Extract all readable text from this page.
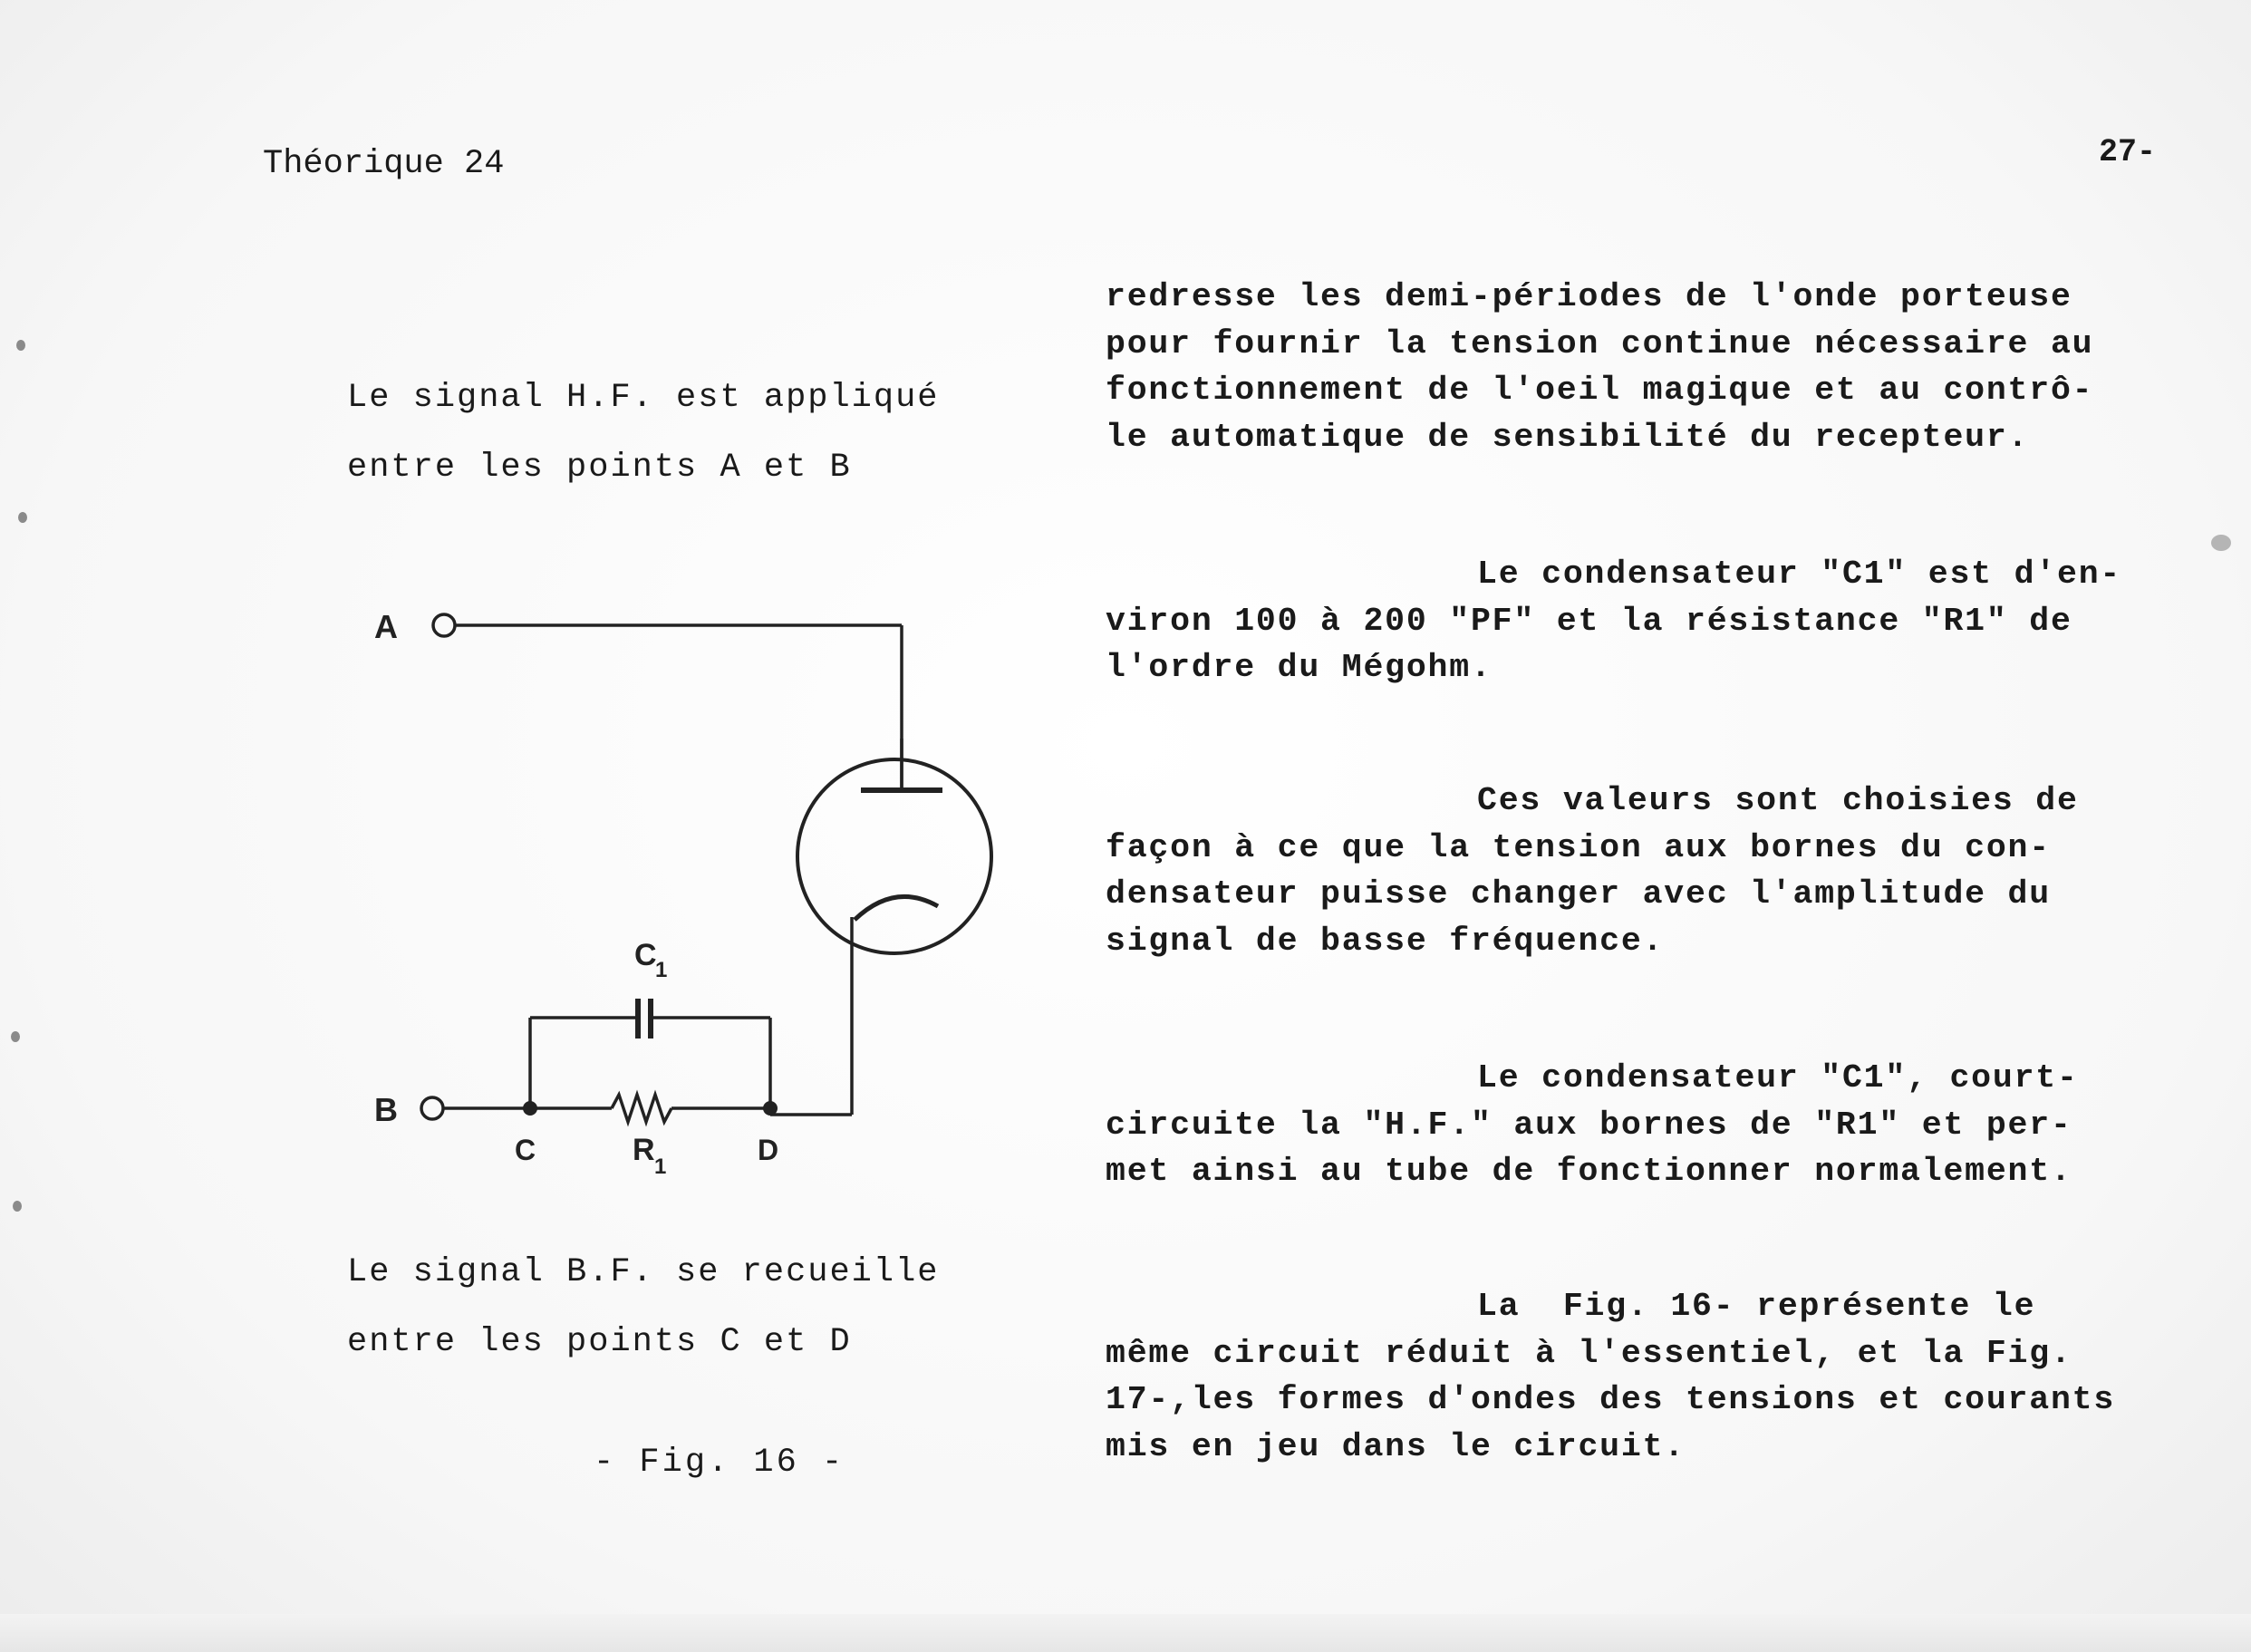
Théorique 24	27-
Le signal H.F. est appliqué
entre les points A et B
A
B
C	D
C
1
R 1
Le signal B.F. se recueille
entre les points C et D
- Fig. 16 -
redresse les demi-périodes de l'onde porteuse
pour fournir la tension continue nécessaire au
fonctionnement de l'oeil magique et au contrô-
le automatique de sensibilité du recepteur.
Le condensateur "C1" est d'en-
viron 100 à 200 "PF" et la résistance "R1" de
l'ordre du Mégohm.
Ces valeurs sont choisies de
façon à ce que la tension aux bornes du con-
densateur puisse changer avec l'amplitude du
signal de basse fréquence.
Le condensateur "C1", court-
circuite la "H.F." aux bornes de "R1" et per-
met ainsi au tube de fonctionner normalement.
La  Fig. 16- représente le
même circuit réduit à l'essentiel, et la Fig.
17-,les formes d'ondes des tensions et courants
mis en jeu dans le circuit.
